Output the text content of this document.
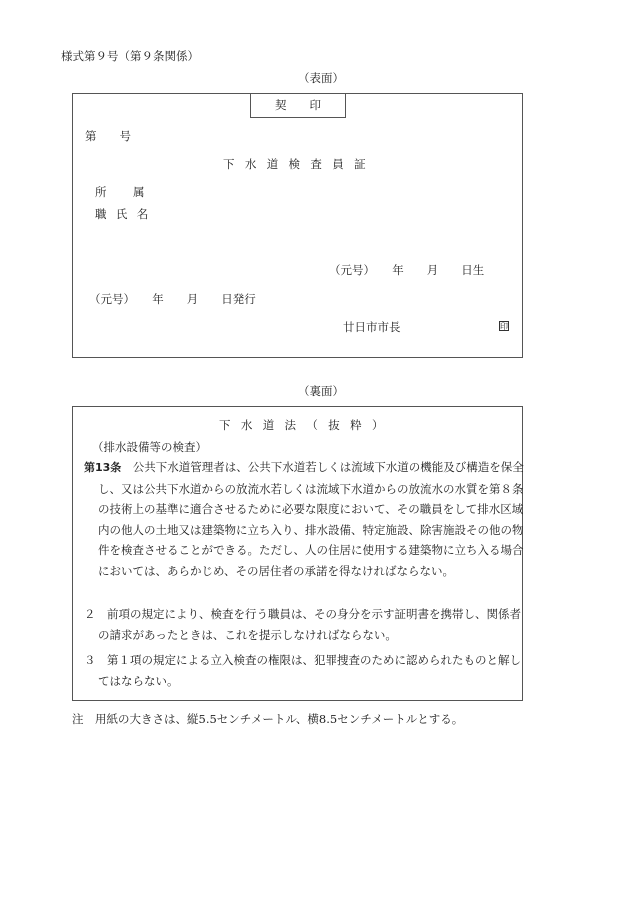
様式第９号（第９条関係）
（表面）
契　　印
第　　号
下水道検査員証
所　　属
職 氏 名
（元号）　　年　　月　　日生
（元号）　　年　　月　　日発行
廿日市市長	印
（裏面）
下水道法（抜粋）
（排水設備等の検査）
第13条　公共下水道管理者は、公共下水道若しくは流域下水道の機能及び構造を保全し、又は公共下水道からの放流水若しくは流域下水道からの放流水の水質を第８条の技術上の基準に適合させるために必要な限度において、その職員をして排水区域内の他人の土地又は建築物に立ち入り、排水設備、特定施設、除害施設その他の物件を検査させることができる。ただし、人の住居に使用する建築物に立ち入る場合においては、あらかじめ、その居住者の承諾を得なければならない。
２　前項の規定により、検査を行う職員は、その身分を示す証明書を携帯し、関係者の請求があったときは、これを提示しなければならない。
３　第１項の規定による立入検査の権限は、犯罪捜査のために認められたものと解してはならない。
注　用紙の大きさは、縦5.5センチメートル、横8.5センチメートルとする。
